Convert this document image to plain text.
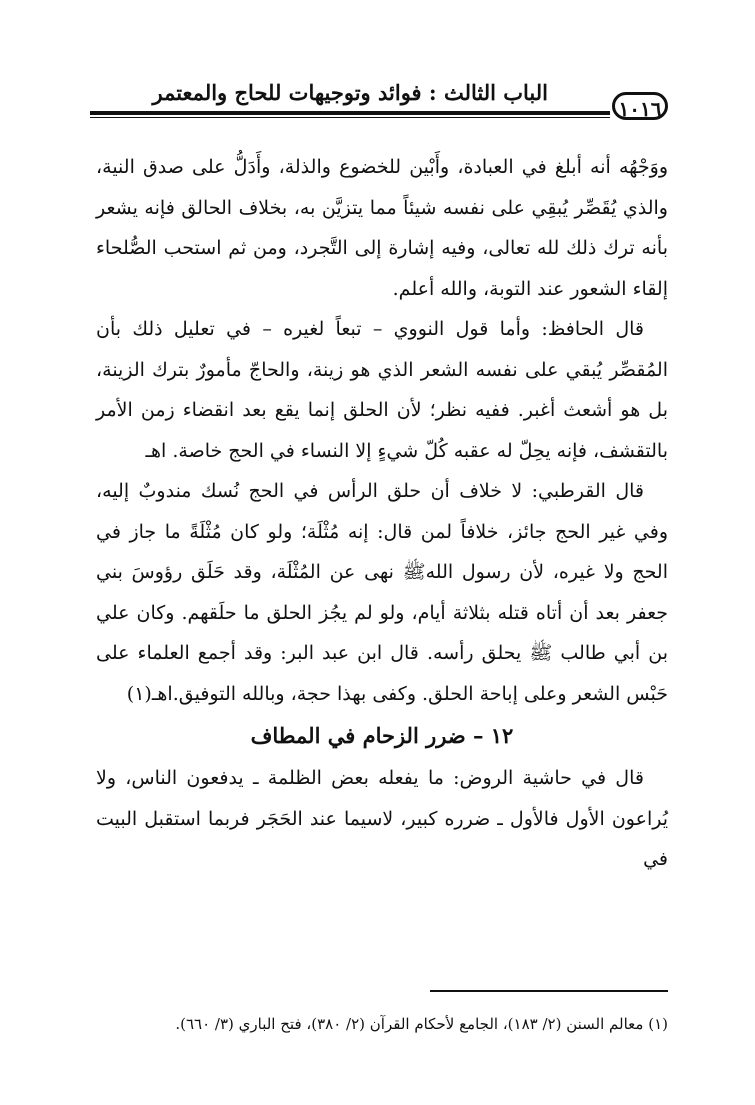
الباب الثالث : فوائد وتوجيهات للحاج والمعتمر
١٠١٦

ووَجْهُه أنه أبلغ في العبادة، وأَبْين للخضوع والذلة، وأَدَلُّ على صدق النية، والذي يُقَصِّر يُبقِي على نفسه شيئاً مما يتزيَّن به، بخلاف الحالق فإنه يشعر بأنه ترك ذلك لله تعالى، وفيه إشارة إلى التَّجرد، ومن ثم استحب الصُّلحاء إلقاء الشعور عند التوبة، والله أعلم.

قال الحافظ: وأما قول النووي – تبعاً لغيره – في تعليل ذلك بأن المُقصِّر يُبقي على نفسه الشعر الذي هو زينة، والحاجّ مأمورٌ بترك الزينة، بل هو أشعث أغبر. ففيه نظر؛ لأن الحلق إنما يقع بعد انقضاء زمن الأمر بالتقشف، فإنه يحِلّ له عقبه كُلّ شيءٍ إلا النساء في الحج خاصة. اهـ

قال القرطبي: لا خلاف أن حلق الرأس في الحج نُسك مندوبٌ إليه، وفي غير الحج جائز، خلافاً لمن قال: إنه مُثْلَة؛ ولو كان مُثْلَةً ما جاز في الحج ولا غيره، لأن رسول اللهﷺ نهى عن المُثْلَة، وقد حَلَق رؤوسَ بني جعفر بعد أن أتاه قتله بثلاثة أيام، ولو لم يجُز الحلق ما حلَقهم. وكان علي بن أبي طالب ﷺ يحلق رأسه. قال ابن عبد البر: وقد أجمع العلماء على حَبْس الشعر وعلى إباحة الحلق. وكفى بهذا حجة، وبالله التوفيق.اهـ(١)

١٢ – ضرر الزحام في المطاف

قال في حاشية الروض: ما يفعله بعض الظلمة ـ يدفعون الناس، ولا يُراعون الأول فالأول ـ ضرره كبير، لاسيما عند الحَجَر فربما استقبل البيت في

(١) معالم السنن (٢/ ١٨٣)، الجامع لأحكام القرآن (٢/ ٣٨٠)، فتح الباري (٣/ ٦٦٠).
